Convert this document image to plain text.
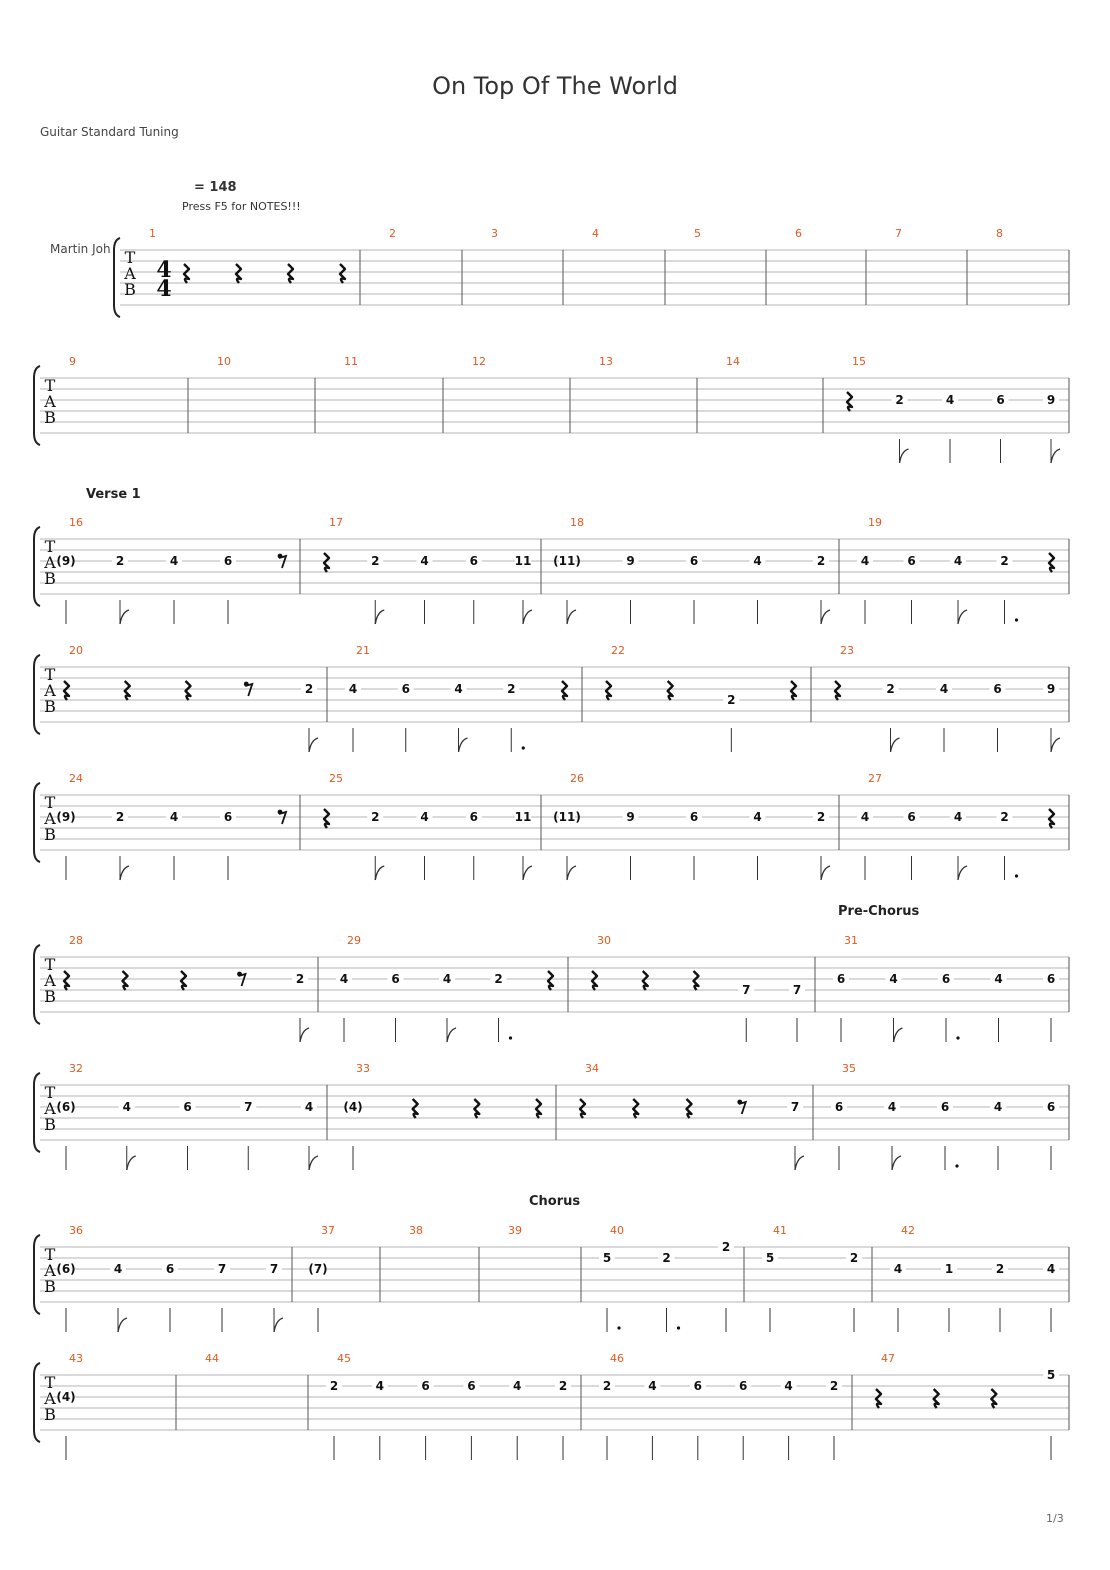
On Top Of The World
Guitar Standard Tuning
= 148
Press F5 for NOTES!!!
Martin Joh
Verse 1
Pre-Chorus
Chorus
1/3
T
A
B
1
4
4
2	3	4	5	6	7	8
T
A
B
9	10	11	12	13	14	15
2	4	6	9
T
A
B
16
(9)	2	4	6
17
2	4	6	11
18
(11)	9	6	4	2
19
4	6	4	2
T
A
B
20
2
21
4	6	4	2
22
2
23
2	4	6	9
T
A
B
24
(9)	2	4	6
25
2	4	6	11
26
(11)	9	6	4	2
27
4	6	4	2
T
A
B
28
2
29
4	6	4	2
30
7	7
31
6	4	6	4	6
T
A
B
32
(6)	4	6	7	4
33
(4)
34
7
35
6	4	6	4	6
T
A
B
36
(6)	4	6	7	7
37
(7)
38	39	40
5	2
2
41
5	2
42
4	1	2	4
T
A
B
43
(4)
44	45
2	4	6	6	4	2
46
2	4	6	6	4	2
47
5
